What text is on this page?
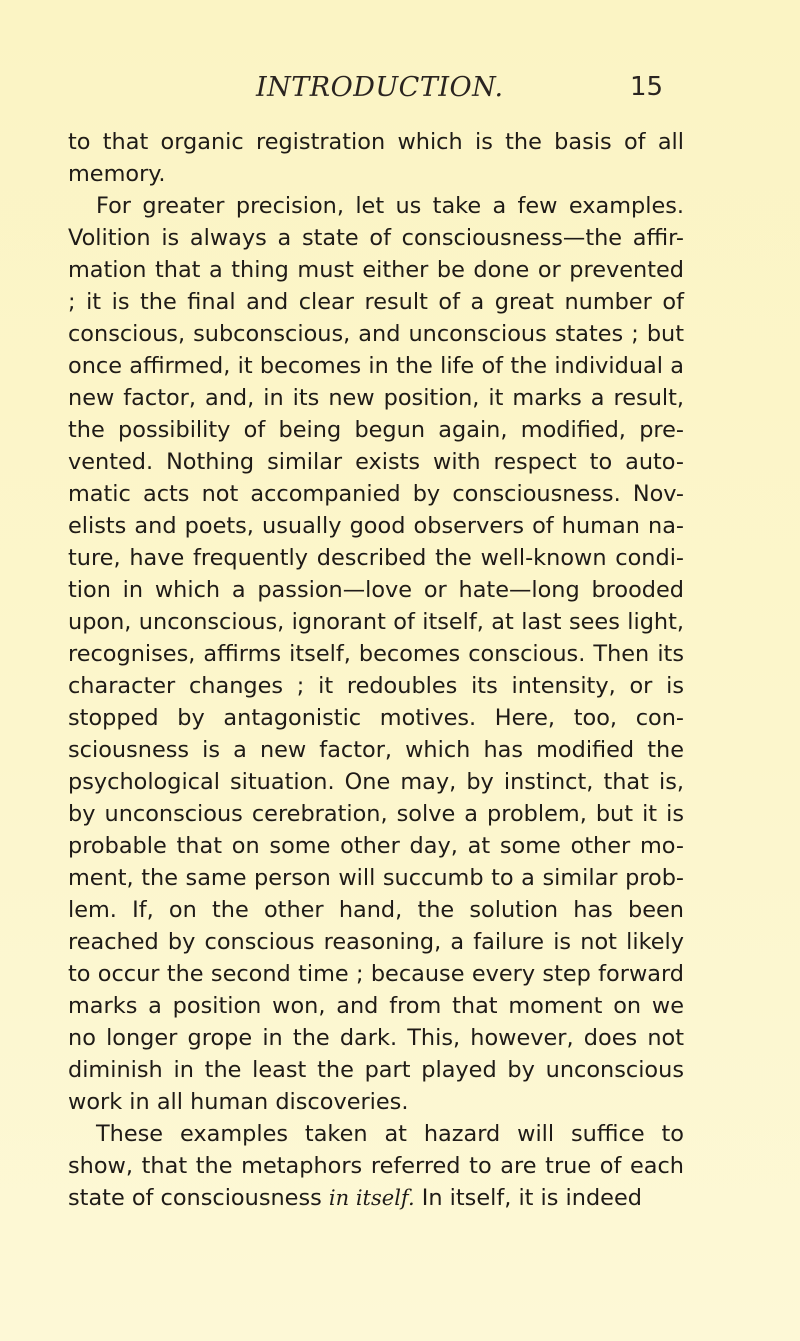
INTRODUCTION.	15

to that organic registration which is the basis of all memory.

For greater precision, let us take a few examples. Volition is always a state of consciousness—the affir- mation that a thing must either be done or prevented ; it is the final and clear result of a great number of conscious, subconscious, and unconscious states ; but once affirmed, it becomes in the life of the individual a new factor, and, in its new position, it marks a result, the possibility of being begun again, modified, pre- vented. Nothing similar exists with respect to auto- matic acts not accompanied by consciousness. Nov- elists and poets, usually good observers of human na- ture, have frequently described the well-known condi- tion in which a passion—love or hate—long brooded upon, unconscious, ignorant of itself, at last sees light, recognises, affirms itself, becomes conscious. Then its character changes ; it redoubles its intensity, or is stopped by antagonistic motives. Here, too, con- sciousness is a new factor, which has modified the psychological situation. One may, by instinct, that is, by unconscious cerebration, solve a problem, but it is probable that on some other day, at some other mo- ment, the same person will succumb to a similar prob- lem. If, on the other hand, the solution has been reached by conscious reasoning, a failure is not likely to occur the second time ; because every step forward marks a position won, and from that moment on we no longer grope in the dark. This, however, does not diminish in the least the part played by unconscious work in all human discoveries.

These examples taken at hazard will suffice to show, that the metaphors referred to are true of each state of consciousness in itself. In itself, it is indeed
